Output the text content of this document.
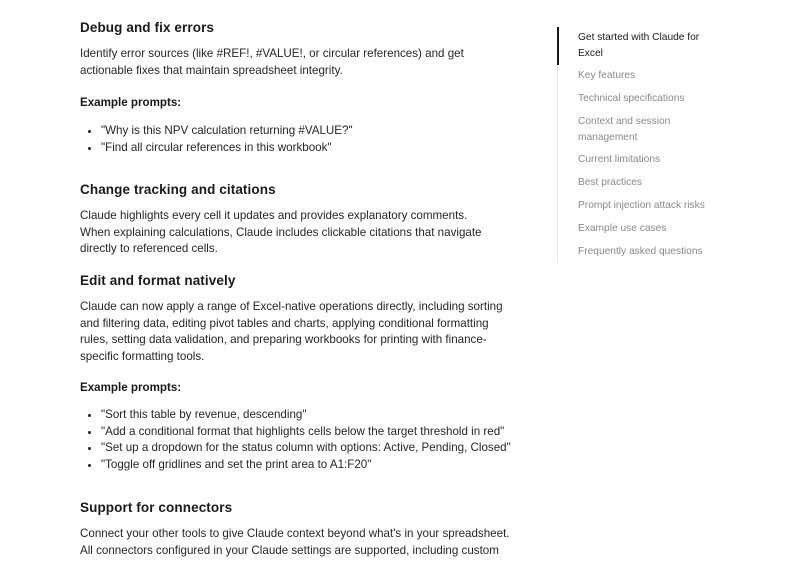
Debug and fix errors

Identify error sources (like #REF!, #VALUE!, or circular references) and get actionable fixes that maintain spreadsheet integrity.

Example prompts:
• "Why is this NPV calculation returning #VALUE?"
• "Find all circular references in this workbook"
Change tracking and citations

Claude highlights every cell it updates and provides explanatory comments. When explaining calculations, Claude includes clickable citations that navigate directly to referenced cells.

Edit and format natively

Claude can now apply a range of Excel-native operations directly, including sorting and filtering data, editing pivot tables and charts, applying conditional formatting rules, setting data validation, and preparing workbooks for printing with finance-specific formatting tools.

Example prompts:
• "Sort this table by revenue, descending"
• "Add a conditional format that highlights cells below the target threshold in red"
• "Set up a dropdown for the status column with options: Active, Pending, Closed"
• "Toggle off gridlines and set the print area to A1:F20"
Support for connectors

Connect your other tools to give Claude context beyond what's in your spreadsheet. All connectors configured in your Claude settings are supported, including custom

Get started with Claude for Excel
Key features
Technical specifications
Context and session management
Current limitations
Best practices
Prompt injection attack risks
Example use cases
Frequently asked questions
